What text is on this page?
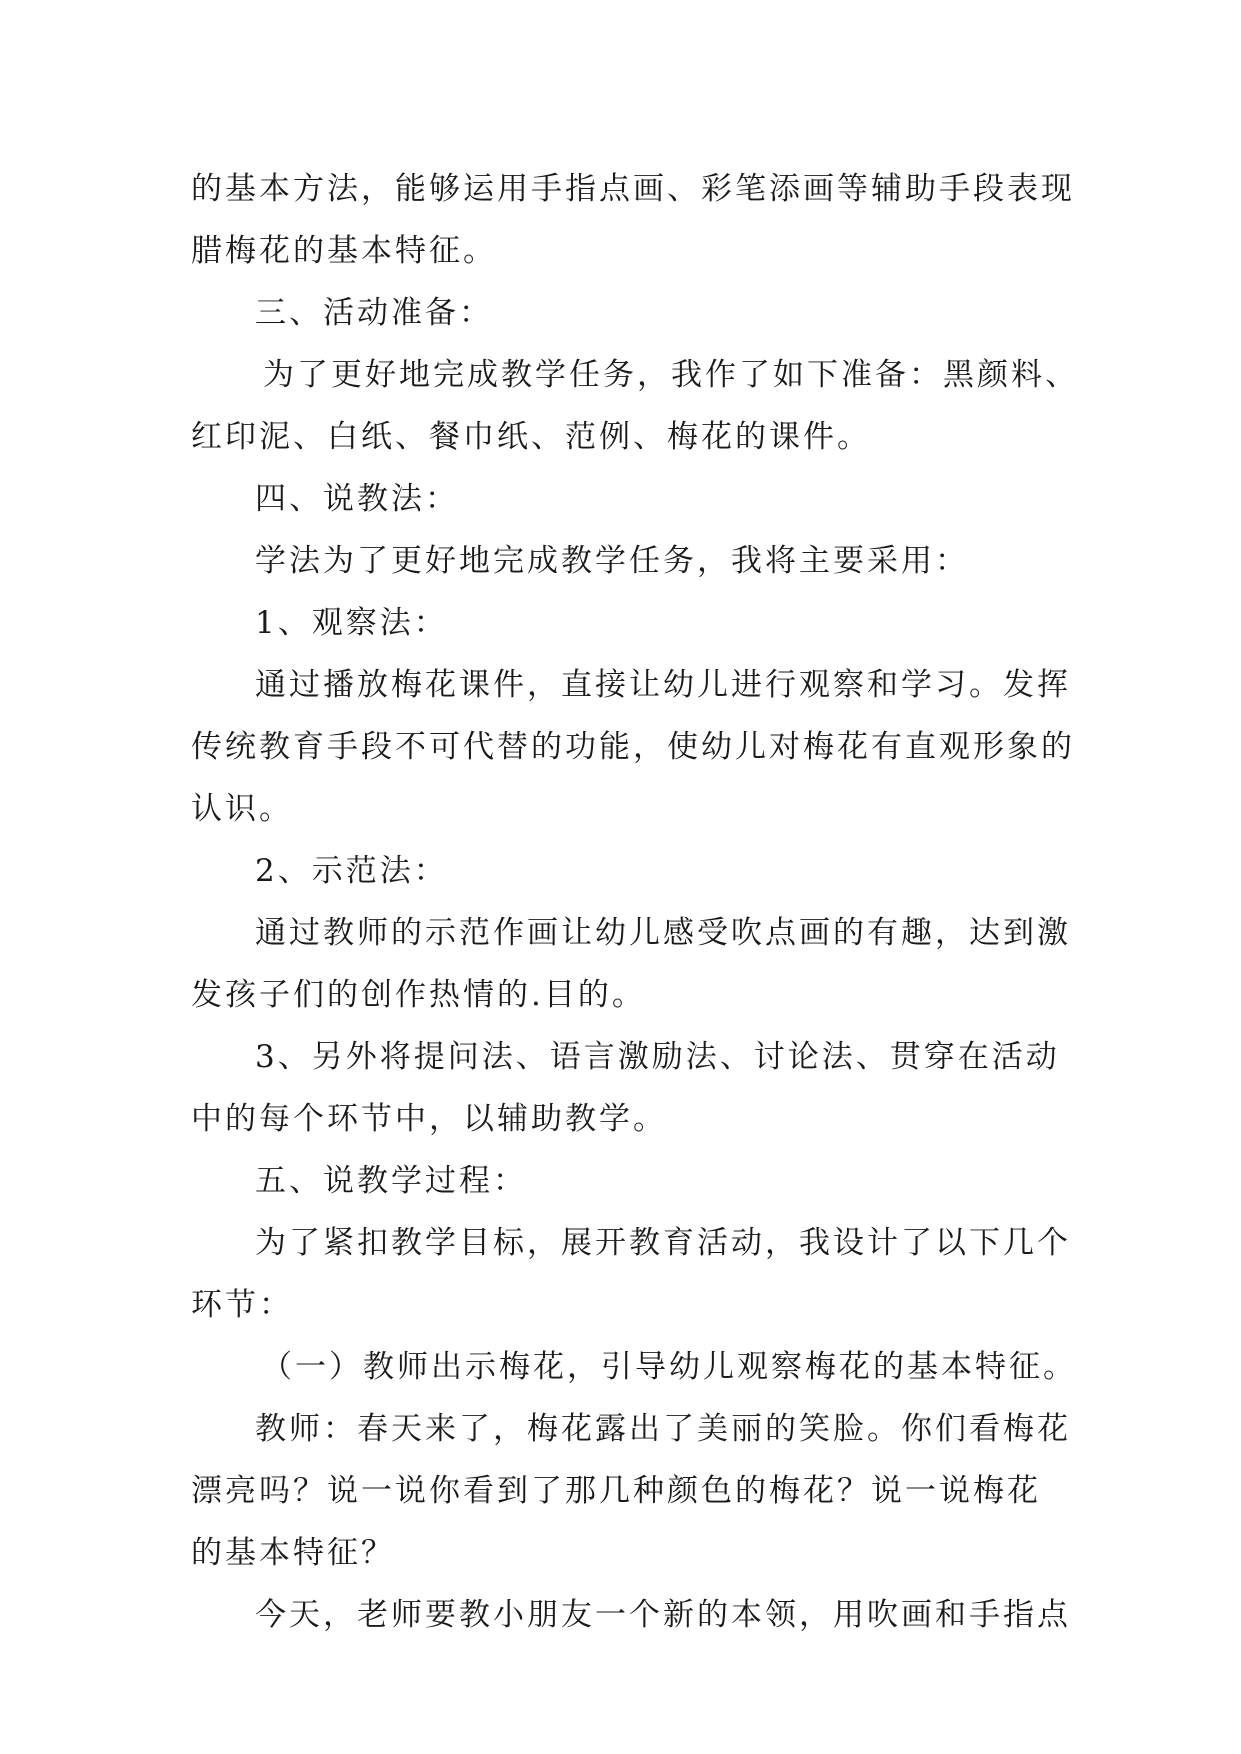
的基本方法，能够运用手指点画、彩笔添画等辅助手段表现
腊梅花的基本特征。
三、活动准备：
为了更好地完成教学任务，我作了如下准备：黑颜料、
红印泥、白纸、餐巾纸、范例、梅花的课件。
四、说教法：
学法为了更好地完成教学任务，我将主要采用：
1、观察法：
通过播放梅花课件，直接让幼儿进行观察和学习。发挥
传统教育手段不可代替的功能，使幼儿对梅花有直观形象的
认识。
2、示范法：
通过教师的示范作画让幼儿感受吹点画的有趣，达到激
发孩子们的创作热情的.目的。
3、另外将提问法、语言激励法、讨论法、贯穿在活动
中的每个环节中，以辅助教学。
五、说教学过程：
为了紧扣教学目标，展开教育活动，我设计了以下几个
环节：
（一）教师出示梅花，引导幼儿观察梅花的基本特征。
教师：春天来了，梅花露出了美丽的笑脸。你们看梅花
漂亮吗？说一说你看到了那几种颜色的梅花？说一说梅花
的基本特征？
今天，老师要教小朋友一个新的本领，用吹画和手指点
